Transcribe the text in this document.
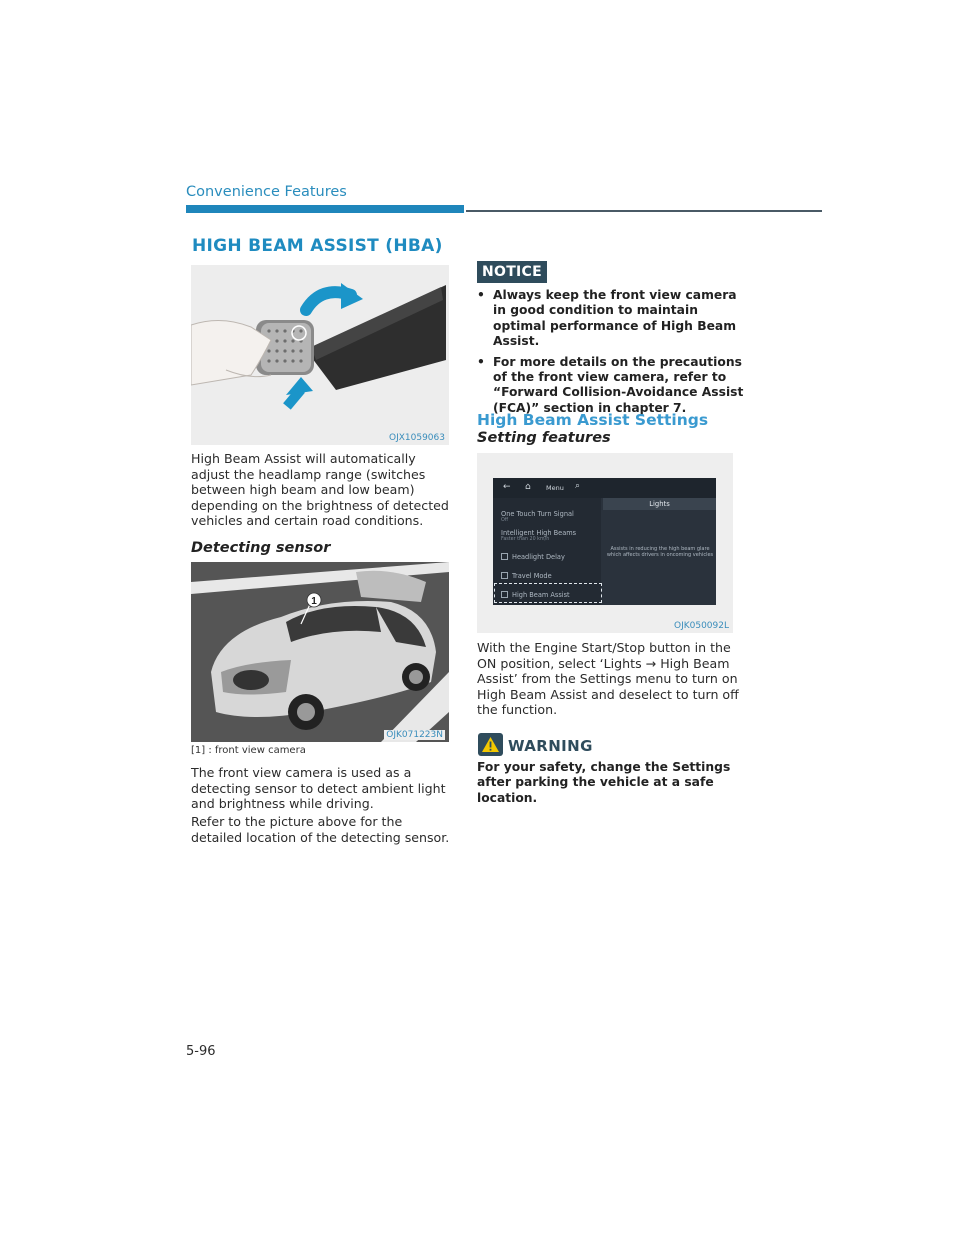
Convenience Features
HIGH BEAM ASSIST (HBA)
OJX1059063
High Beam Assist will automatically adjust the headlamp range (switches between high beam and low beam) depending on the brightness of detected vehicles and certain road conditions.
Detecting sensor
1
OJK071223N
[1] : front view camera
The front view camera is used as a detecting sensor to detect ambient light and brightness while driving.
Refer to the picture above for the detailed location of the detecting sensor.
NOTICE
• Always keep the front view camera in good condition to maintain optimal performance of High Beam Assist.
• For more details on the precautions of the front view camera, refer to “Forward Collision-Avoidance Assist (FCA)” section in chapter 7.
High Beam Assist Settings
Setting features
OJK050092L
← ⌂ Menu ⌕
One Touch Turn Signal
Off
Intelligent High Beams
Faster than 20 km/h
Headlight Delay
Travel Mode
High Beam Assist
Lights
Assists in reducing the high beam glare which affects drivers in oncoming vehicles
With the Engine Start/Stop button in the ON position, select ‘Lights → High Beam Assist’ from the Settings menu to turn on High Beam Assist and deselect to turn off the function.
WARNING
For your safety, change the Settings after parking the vehicle at a safe location.
5-96
